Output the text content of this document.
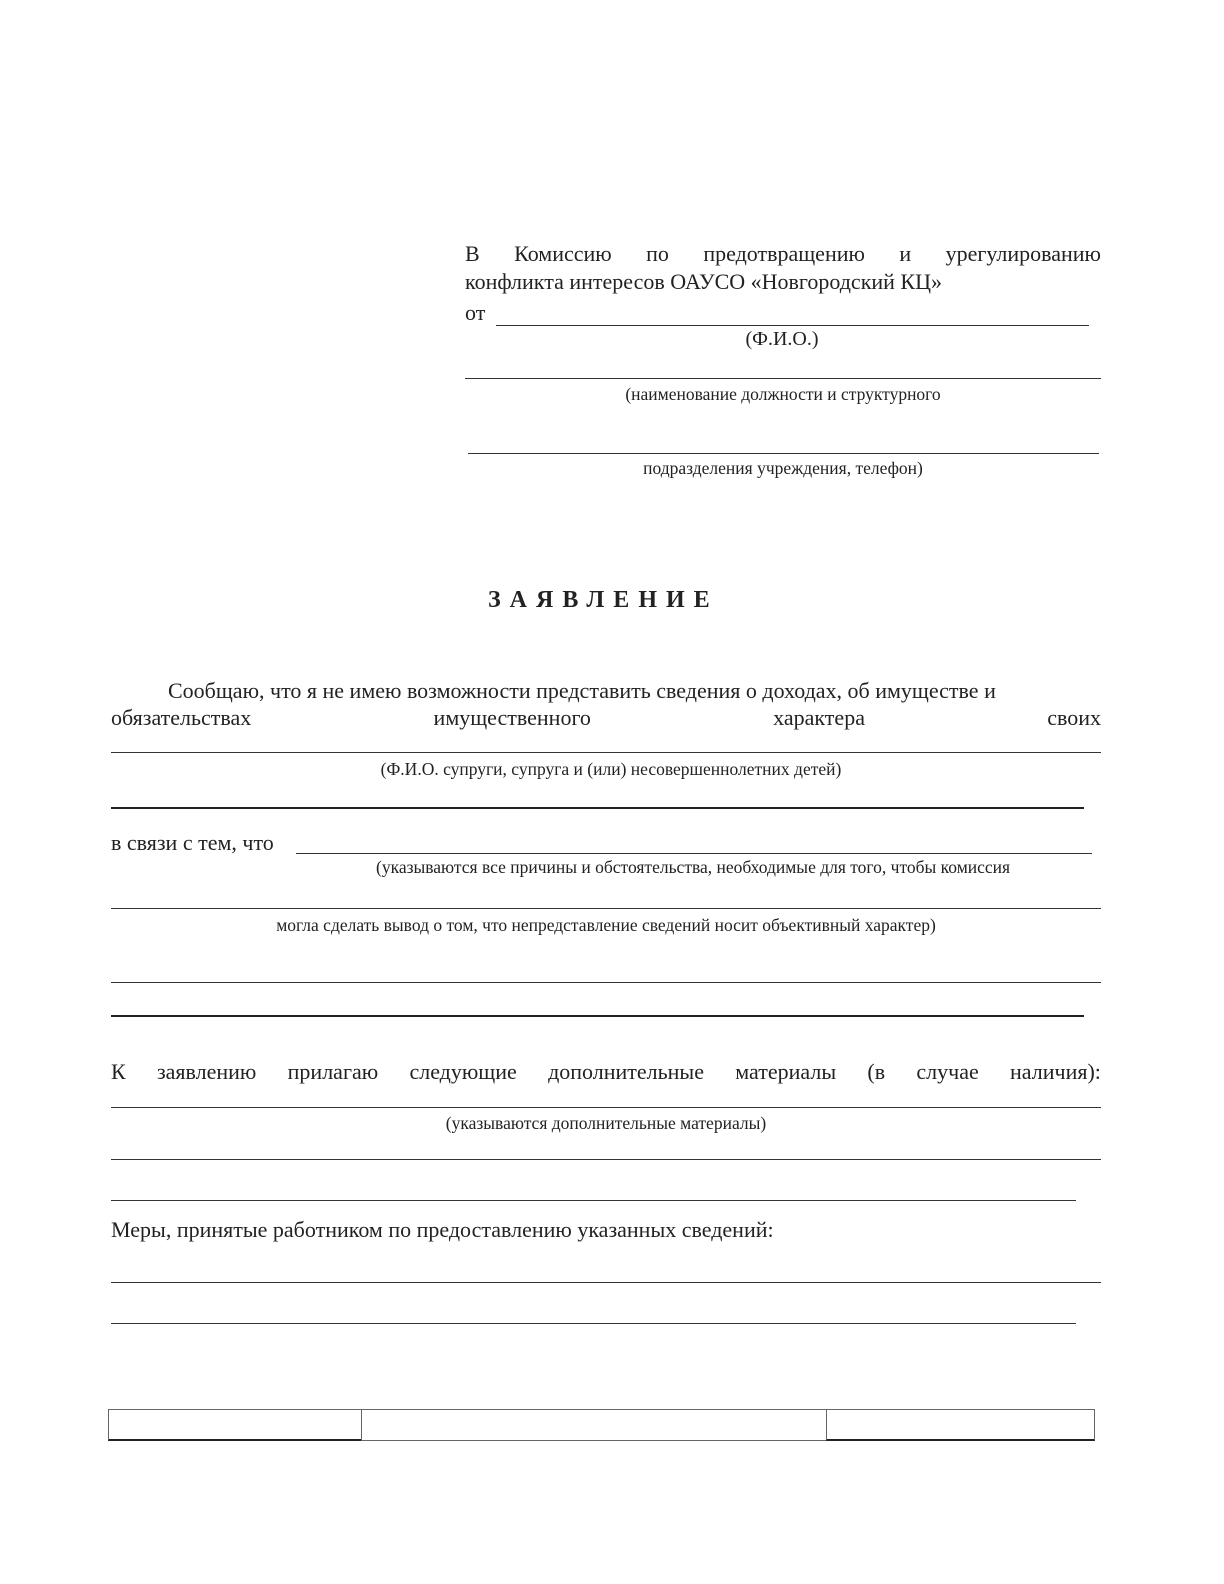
В Комиссию по предотвращению и урегулированию
конфликта интересов ОАУСО «Новгородский КЦ»
от
(Ф.И.О.)
(наименование должности и структурного
подразделения учреждения, телефон)
ЗАЯВЛЕНИЕ
Сообщаю, что я не имею возможности представить сведения о доходах, об имуществе и
обязательствах	имущественного	характера	своих
(Ф.И.О. супруги, супруга и (или) несовершеннолетних детей)
в связи с тем, что
(указываются все причины и обстоятельства, необходимые для того, чтобы комиссия
могла сделать вывод о том, что непредставление сведений носит объективный характер)
К заявлению прилагаю следующие дополнительные материалы (в случае наличия):
(указываются дополнительные материалы)
Меры, принятые работником по предоставлению указанных сведений:
